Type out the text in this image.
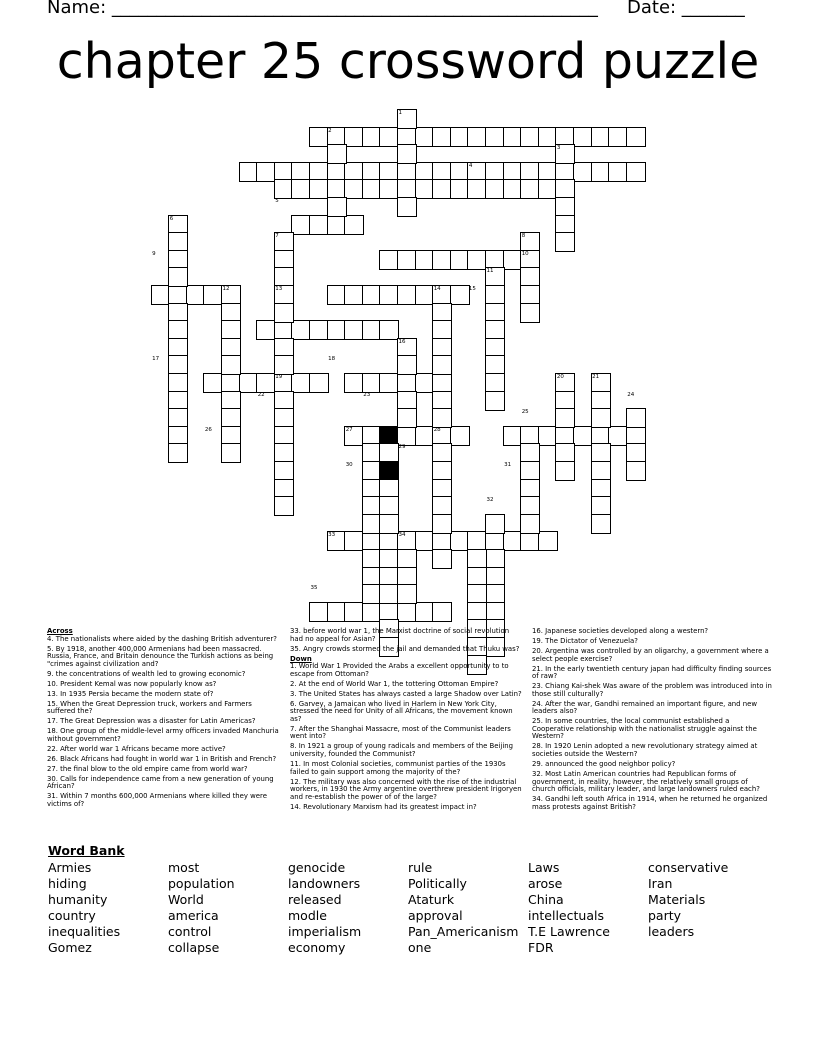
Name: ______________________________________________________ Date: _______
chapter 25 crossword puzzle
1
2
3
4
5
6
7	8
9	10
11
12	13	14	15
16
17	18
19	20	21
22	23	24
25
26	27	28
29
30	31
32
33	34
35

Across

4. The nationalists where aided by the dashing British adventurer?

5. By 1918, another 400,000 Armenians had been massacred. Russia, France, and Britain denounce the Turkish actions as being "crimes against civilization and?

9. the concentrations of wealth led to growing economic?

10. President Kemal was now popularly know as?

13. In 1935 Persia became the modern state of?

15. When the Great Depression truck, workers and Farmers suffered the?

17. The Great Depression was a disaster for Latin Americas?

18. One group of the middle-level army officers invaded Manchuria without government?

22. After world war 1 Africans became more active?

26. Black Africans had fought in world war 1 in British and French?

27. the final blow to the old empire came from world war?

30. Calls for independence came from a new generation of young African?

31. Within 7 months 600,000 Armenians where killed they were victims of?

33. before world war 1, the Marxist doctrine of social revolution had no appeal for Asian?

35. Angry crowds stormed the jail and demanded that Thuku was?

Down

1. World War 1 Provided the Arabs a excellent opportunity to to escape from Ottoman?

2. At the end of World War 1, the tottering Ottoman Empire?

3. The United States has always casted a large Shadow over Latin?

6. Garvey, a Jamaican who lived in Harlem in New York City, stressed the need for Unity of all Africans, the movement known as?

7. After the Shanghai Massacre, most of the Communist leaders went into?

8. In 1921 a group of young radicals and members of the Beijing university, founded the Communist?

11. In most Colonial societies, communist parties of the 1930s failed to gain support among the majority of the?

12. The military was also concerned with the rise of the industrial workers, in 1930 the Army argentine overthrew president Irigoryen and re-establish the power of of the large?

14. Revolutionary Marxism had its greatest impact in?

16. Japanese societies developed along a western?

19. The Dictator of Venezuela?

20. Argentina was controlled by an oligarchy, a government where a select people exercise?

21. In the early twentieth century japan had difficulty finding sources of raw?

23. Chiang Kai-shek Was aware of the problem was introduced into in those still culturally?

24. After the war, Gandhi remained an important figure, and new leaders also?

25. In some countries, the local communist established a Cooperative relationship with the nationalist struggle against the Western?

28. In 1920 Lenin adopted a new revolutionary strategy aimed at societies outside the Western?

29. announced the good neighbor policy?

32. Most Latin American countries had Republican forms of government, in reality, however, the relatively small groups of church officials, military leader, and large landowners ruled each?

34. Gandhi left south Africa in 1914, when he returned he organized mass protests against British?

Word Bank
Armies
hiding
humanity
country
inequalities
Gomez
most
population
World
america
control
collapse
genocide
landowners
released
modle
imperialism
economy
rule
Politically
Ataturk
approval
Pan_Americanism
one
Laws
arose
China
intellectuals
T.E Lawrence
FDR
conservative
Iran
Materials
party
leaders
